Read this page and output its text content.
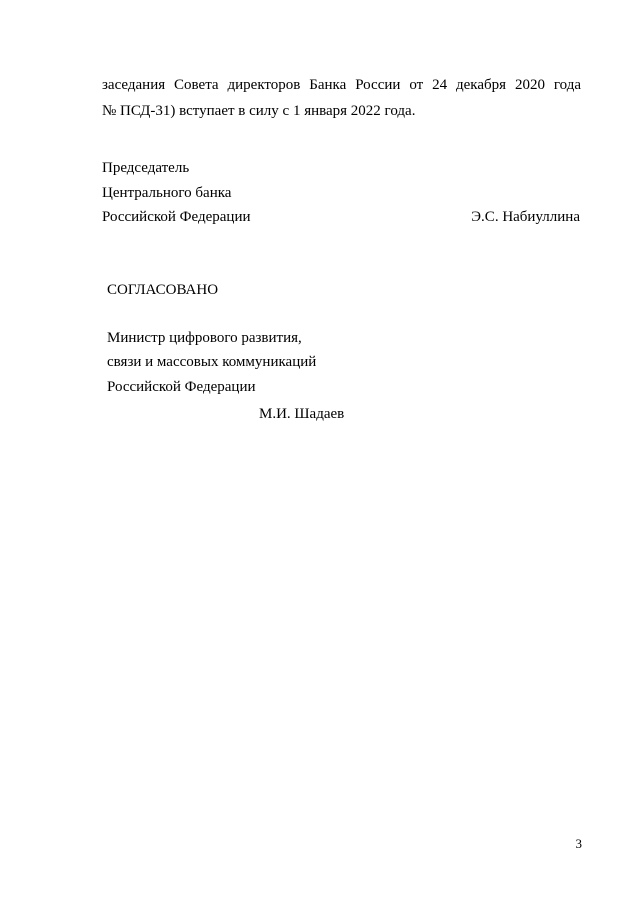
заседания Совета директоров Банка России от 24 декабря 2020 года
№ ПСД-31) вступает в силу с 1 января 2022 года.
Председатель
Центрального банка
Российской Федерации	Э.С. Набиуллина
СОГЛАСОВАНО
Министр цифрового развития,
связи и массовых коммуникаций
Российской Федерации
М.И. Шадаев
3
